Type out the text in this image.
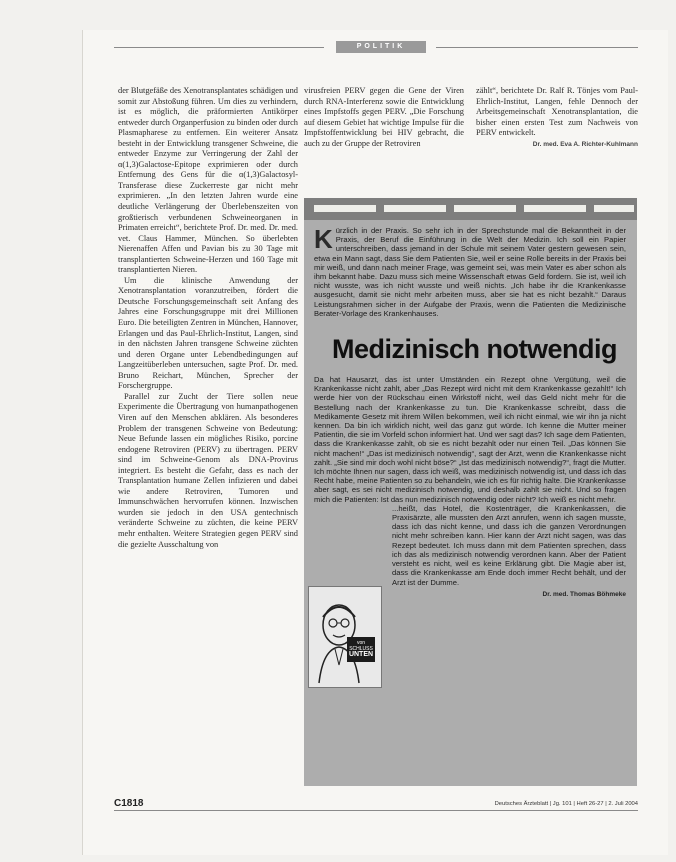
POLITIK

der Blutgefäße des Xenotransplantates schädigen und somit zur Abstoßung führen. Um dies zu verhindern, ist es möglich, die präformierten Antikörper entweder durch Organperfusion zu binden oder durch Plasmapharese zu entfernen. Ein weiterer Ansatz besteht in der Entwicklung transgener Schweine, die entweder Enzyme zur Verringerung der Zahl der α(1,3)Galactose-Epitope exprimieren oder durch Entfernung des Gens für die α(1,3)Galactosyl-Transferase diese Zuckerreste gar nicht mehr exprimieren. „In den letzten Jahren wurde eine deutliche Verlängerung der Überlebenszeiten von großtierisch verbundenen Schweineorganen in Primaten erreicht“, berichtete Prof. Dr. med. Dr. med. vet. Claus Hammer, München. So überlebten Nierenaffen Affen und Pavian bis zu 30 Tage mit transplantierten Schweine-Herzen und 160 Tage mit transplantierten Nieren.

Um die klinische Anwendung der Xenotransplantation voranzutreiben, fördert die Deutsche Forschungsgemeinschaft seit Anfang des Jahres eine Forschungsgruppe mit drei Millionen Euro. Die beteiligten Zentren in München, Hannover, Erlangen und das Paul-Ehrlich-Institut, Langen, sind in den nächsten Jahren transgene Schweine züchten und deren Organe unter Lebendbedingungen auf Langzeitüberleben untersuchen, sagte Prof. Dr. med. Bruno Reichart, München, Sprecher der Forschergruppe.

Parallel zur Zucht der Tiere sollen neue Experimente die Übertragung von humanpathogenen Viren auf den Menschen abklären. Als besonderes Problem der transgenen Schweine von Bedeutung: Neue Befunde lassen ein mögliches Risiko, porcine endogene Retroviren (PERV) zu übertragen. PERV sind im Schweine-Genom als DNA-Provirus integriert. Es besteht die Gefahr, dass es nach der Transplantation humane Zellen infizieren und dabei wie andere Retroviren, Tumoren und Immunschwächen hervorrufen können. Inzwischen wurden sie jedoch in den USA gentechnisch veränderte Schweine zu züchten, die keine PERV mehr enthalten. Weitere Strategien gegen PERV sind die gezielte Ausschaltung von

virusfreien PERV gegen die Gene der Viren durch RNA-Interferenz sowie die Entwicklung eines Impfstoffs gegen PERV. „Die Forschung auf diesem Gebiet hat wichtige Impulse für die Impfstoffentwicklung bei HIV gebracht, die auch zu der Gruppe der Retroviren

zählt“, berichtete Dr. Ralf R. Tönjes vom Paul-Ehrlich-Institut, Langen, fehle Dennoch der Arbeitsgemeinschaft Xenotransplantation, die bisher einen ersten Test zum Nachweis von PERV entwickelt.

Dr. med. Eva A. Richter-Kuhlmann
K ürzlich in der Praxis. So sehr ich in der Sprechstunde mal die Bekanntheit in der Praxis, der Beruf die Einführung in die Welt der Medizin. Ich soll ein Papier unterschreiben, dass jemand in der Schule mit seinem Vater gestern gewesen sein, etwa ein Mann sagt, dass Sie dem Patienten Sie, weil er seine Rolle bereits in der Praxis bei mir weiß, und dann nach meiner Frage, was gemeint sei, was mein Vater es aber schon als ihm bekannt habe. Dazu muss sich meine Wissenschaft etwas Geld fordern. Sie ist, weil ich nicht wusste, was ich nicht wusste und weiß nichts. „Ich habe ihr die Krankenkasse ausgesucht, damit sie nicht mehr arbeiten muss, aber sie hat es nicht bezahlt.“ Daraus Leistungsrahmen sicher in der Aufgabe der Praxis, wenn die Patienten die Medizinische Berater-Vorlage des Krankenhauses.
Medizinisch notwendig

Da hat Hausarzt, das ist unter Umständen ein Rezept ohne Vergütung, weil die Krankenkasse nicht zahlt, aber „Das Rezept wird nicht mit dem Krankenkasse gezahlt!“ Ich werde hier von der Rückschau einen Wirkstoff nicht, weil das Geld nicht mehr für die Bestellung nach der Krankenkasse zu tun. Die Krankenkasse schreibt, dass die Medikamente Gesetz mit ihrem Willen bekommen, weil ich nicht einmal, wie wir ihn ja nicht kennen. Da bin ich wirklich nicht, weil das ganz gut würde. Ich kenne die Mutter meiner Patientin, die sie im Vorfeld schon informiert hat. Und wer sagt das? Ich sage dem Patienten, dass die Krankenkasse zahlt, ob sie es nicht bezahlt oder nur einen Teil. „Das können Sie nicht machen!“ „Das ist medizinisch notwendig“, sagt der Arzt, wenn die Krankenkasse nicht zahlt. „Sie sind mir doch wohl nicht böse?“ „Ist das medizinisch notwendig?“, fragt die Mutter. Ich möchte Ihnen nur sagen, dass ich weiß, was medizinisch notwendig ist, und dass ich das Recht habe, meine Patienten so zu behandeln, wie ich es für richtig halte. Die Krankenkasse aber sagt, es sei nicht medizinisch notwendig, und deshalb zahlt sie nicht. Und so fragen mich die Patienten: Ist das nun medizinisch notwendig oder nicht? Ich weiß es nicht mehr.

...heißt, das Hotel, die Kostenträger, die Krankenkassen, die Praxisärzte, alle mussten den Arzt anrufen, wenn ich sagen musste, dass ich das nicht kenne, und dass ich die ganzen Verordnungen nicht mehr schreiben kann. Hier kann der Arzt nicht sagen, was das Rezept bedeutet. Ich muss dann mit dem Patienten sprechen, dass ich das als medizinisch notwendig verordnen kann. Aber der Patient versteht es nicht, weil es keine Erklärung gibt. Die Magie aber ist, dass die Krankenkasse am Ende doch immer Recht behält, und der Arzt ist der Dumme.

Dr. med. Thomas Böhmeke
von SCHLUSS
UNTEN
C1818	Deutsches Ärzteblatt | Jg. 101 | Heft 26-27 | 2. Juli 2004
